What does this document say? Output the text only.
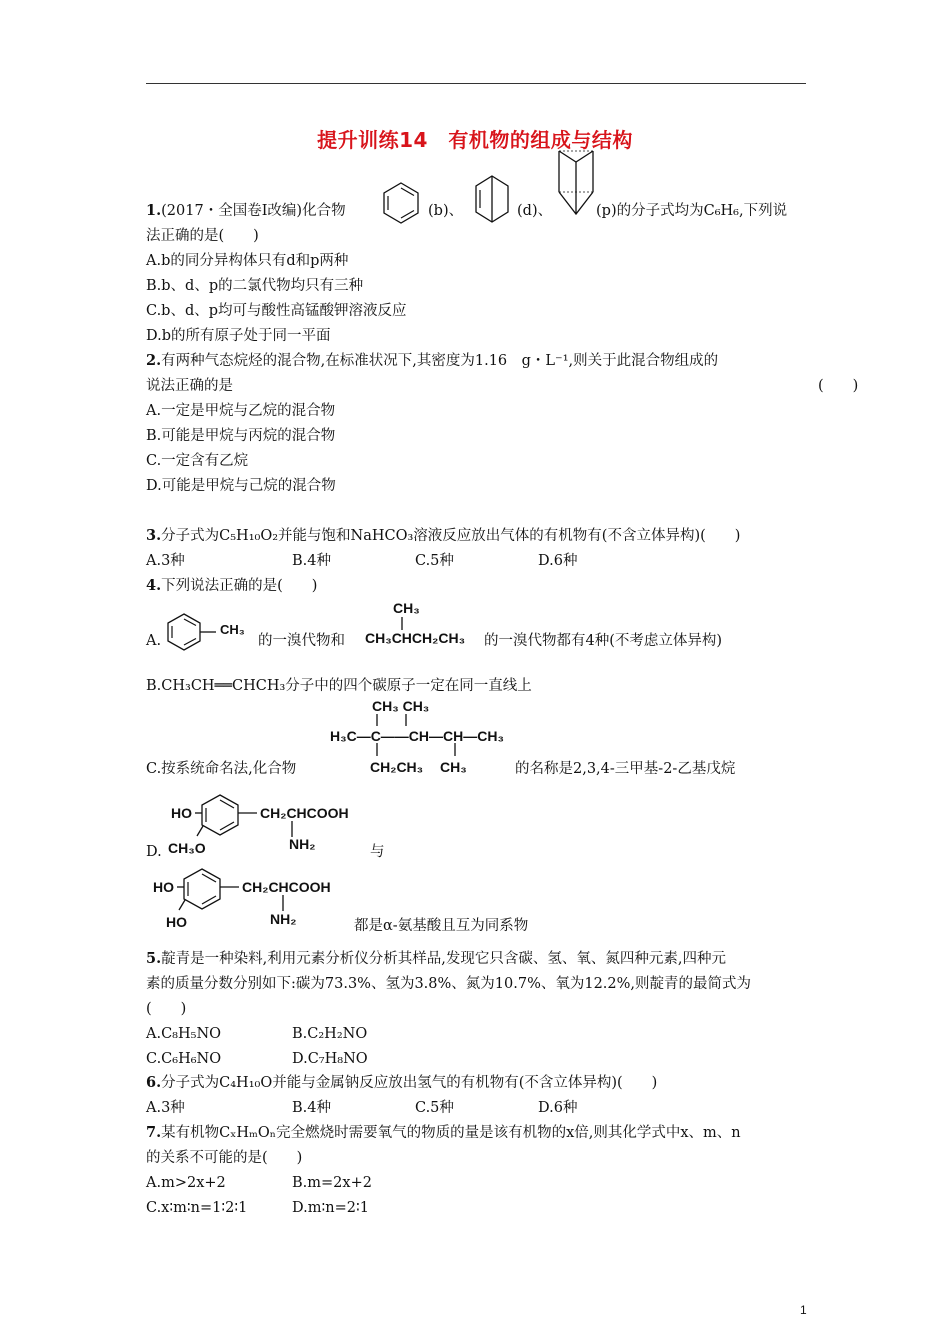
提升训练14　有机物的组成与结构
1.(2017・全国卷Ⅰ改编)化合物	(b)、	(d)、	(p)的分子式均为C₆H₆,下列说
法正确的是(　　)
A.b的同分异构体只有d和p两种
B.b、d、p的二氯代物均只有三种
C.b、d、p均可与酸性高锰酸钾溶液反应
D.b的所有原子处于同一平面
2.有两种气态烷烃的混合物,在标准状况下,其密度为1.16　g・L⁻¹,则关于此混合物组成的
说法正确的是	(　　)
A.一定是甲烷与乙烷的混合物
B.可能是甲烷与丙烷的混合物
C.一定含有乙烷
D.可能是甲烷与己烷的混合物
3.分子式为C₅H₁₀O₂并能与饱和NaHCO₃溶液反应放出气体的有机物有(不含立体异构)(　　)
A.3种	B.4种	C.5种	D.6种
4.下列说法正确的是(　　)
A.
CH₃
的一溴代物和
CH₃
CH₃CHCH₂CH₃ 的一溴代物都有4种(不考虑立体异构)
B.CH₃CH══CHCH₃分子中的四个碳原子一定在同一直线上
CH₃ CH₃
H₃C—C——CH—CH—CH₃
C.按系统命名法,化合物	CH₂CH₃ CH₃	的名称是2,3,4-三甲基-2-乙基戊烷
HO	CH₂CHCOOH
D. CH₃O	NH₂	与
HO	CH₂CHCOOH
HO	NH₂	都是α-氨基酸且互为同系物
5.靛青是一种染料,利用元素分析仪分析其样品,发现它只含碳、氢、氧、氮四种元素,四种元
素的质量分数分别如下:碳为73.3%、氢为3.8%、氮为10.7%、氧为12.2%,则靛青的最简式为
(　　)
A.C₈H₅NO	B.C₂H₂NO
C.C₆H₆NO	D.C₇H₈NO
6.分子式为C₄H₁₀O并能与金属钠反应放出氢气的有机物有(不含立体异构)(　　)
A.3种	B.4种	C.5种	D.6种
7.某有机物CₓHₘOₙ完全燃烧时需要氧气的物质的量是该有机物的x倍,则其化学式中x、m、n
的关系不可能的是(　　)
A.m>2x+2	B.m=2x+2
C.x∶m∶n=1∶2∶1	D.m∶n=2∶1
1
